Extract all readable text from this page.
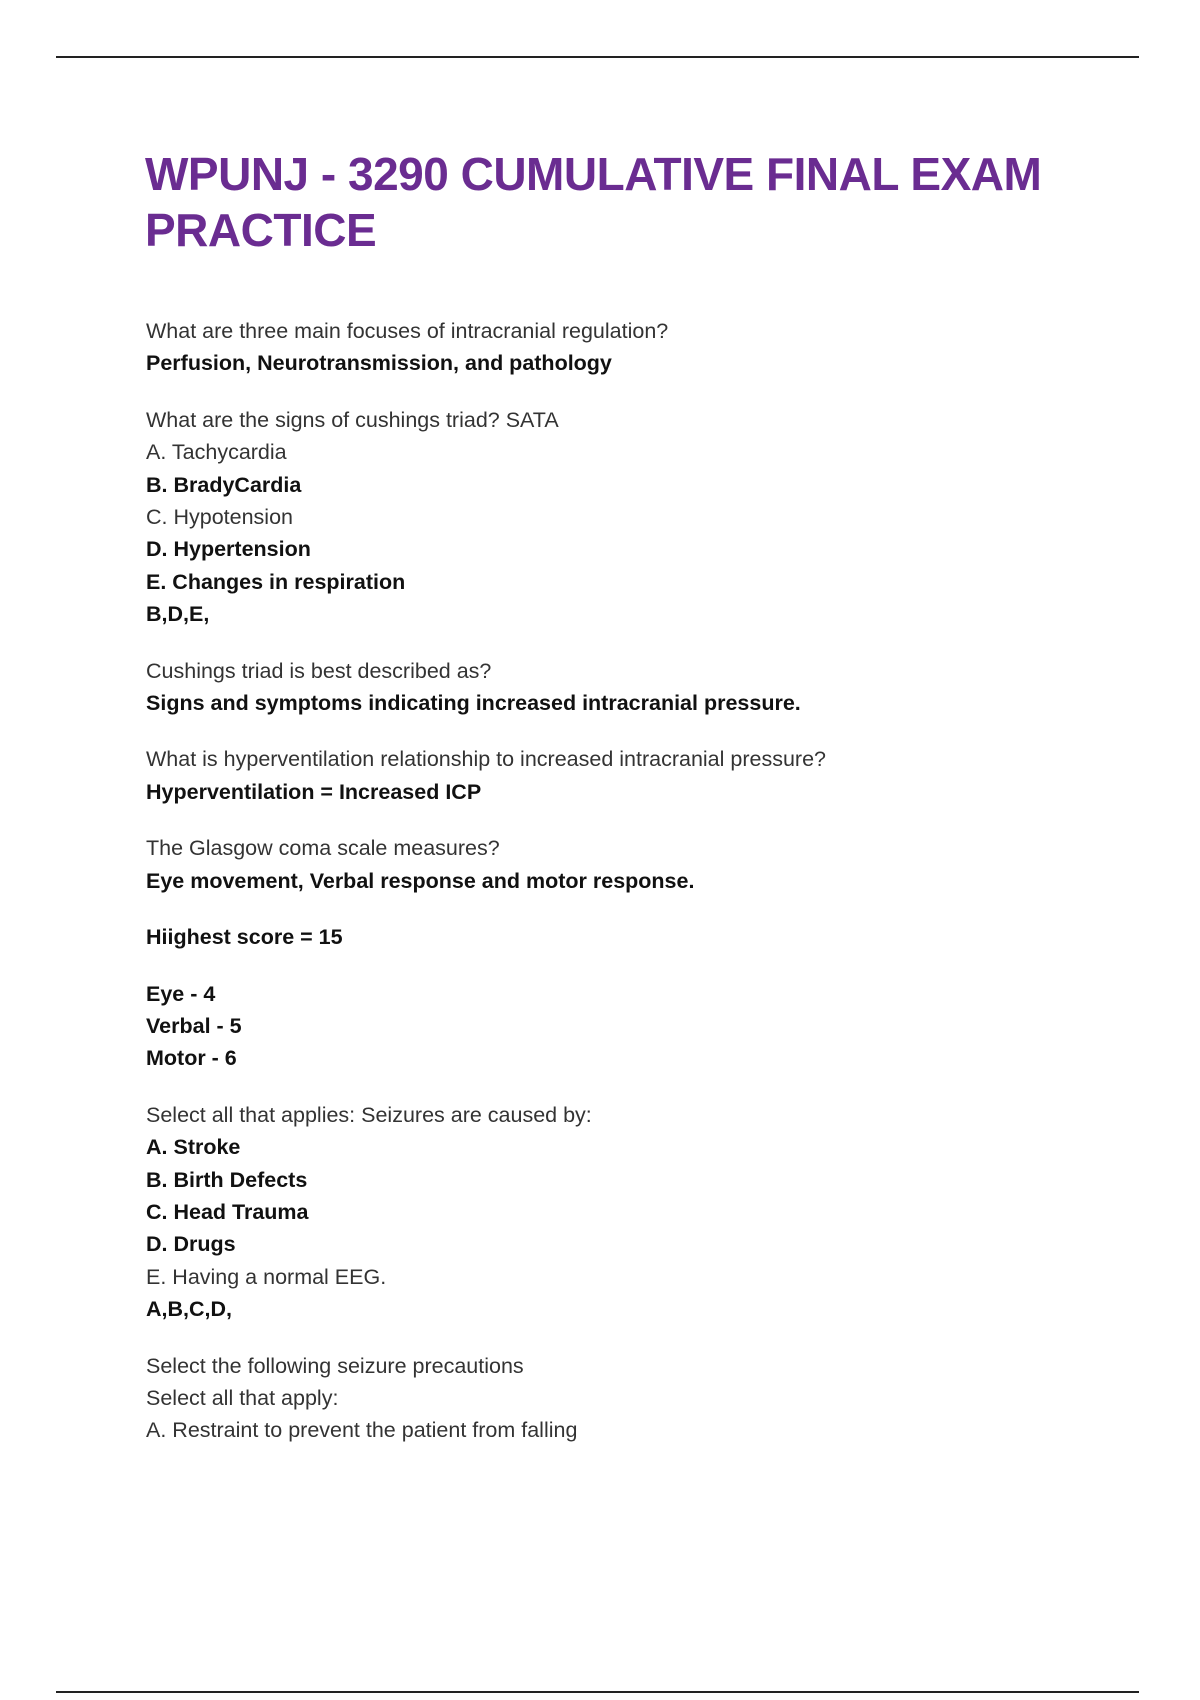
WPUNJ - 3290 CUMULATIVE FINAL EXAM PRACTICE
What are three main focuses of intracranial regulation?
Perfusion, Neurotransmission, and pathology
What are the signs of cushings triad? SATA
A. Tachycardia
B. BradyCardia
C. Hypotension
D. Hypertension
E. Changes in respiration
B,D,E,
Cushings triad is best described as?
Signs and symptoms indicating increased intracranial pressure.
What is hyperventilation relationship to increased intracranial pressure?
Hyperventilation = Increased ICP
The Glasgow coma scale measures?
Eye movement, Verbal response and motor response.
Hiighest score = 15
Eye - 4
Verbal - 5
Motor - 6
Select all that applies: Seizures are caused by:
A. Stroke
B. Birth Defects
C. Head Trauma
D. Drugs
E. Having a normal EEG.
A,B,C,D,
Select the following seizure precautions
Select all that apply:
A. Restraint to prevent the patient from falling
